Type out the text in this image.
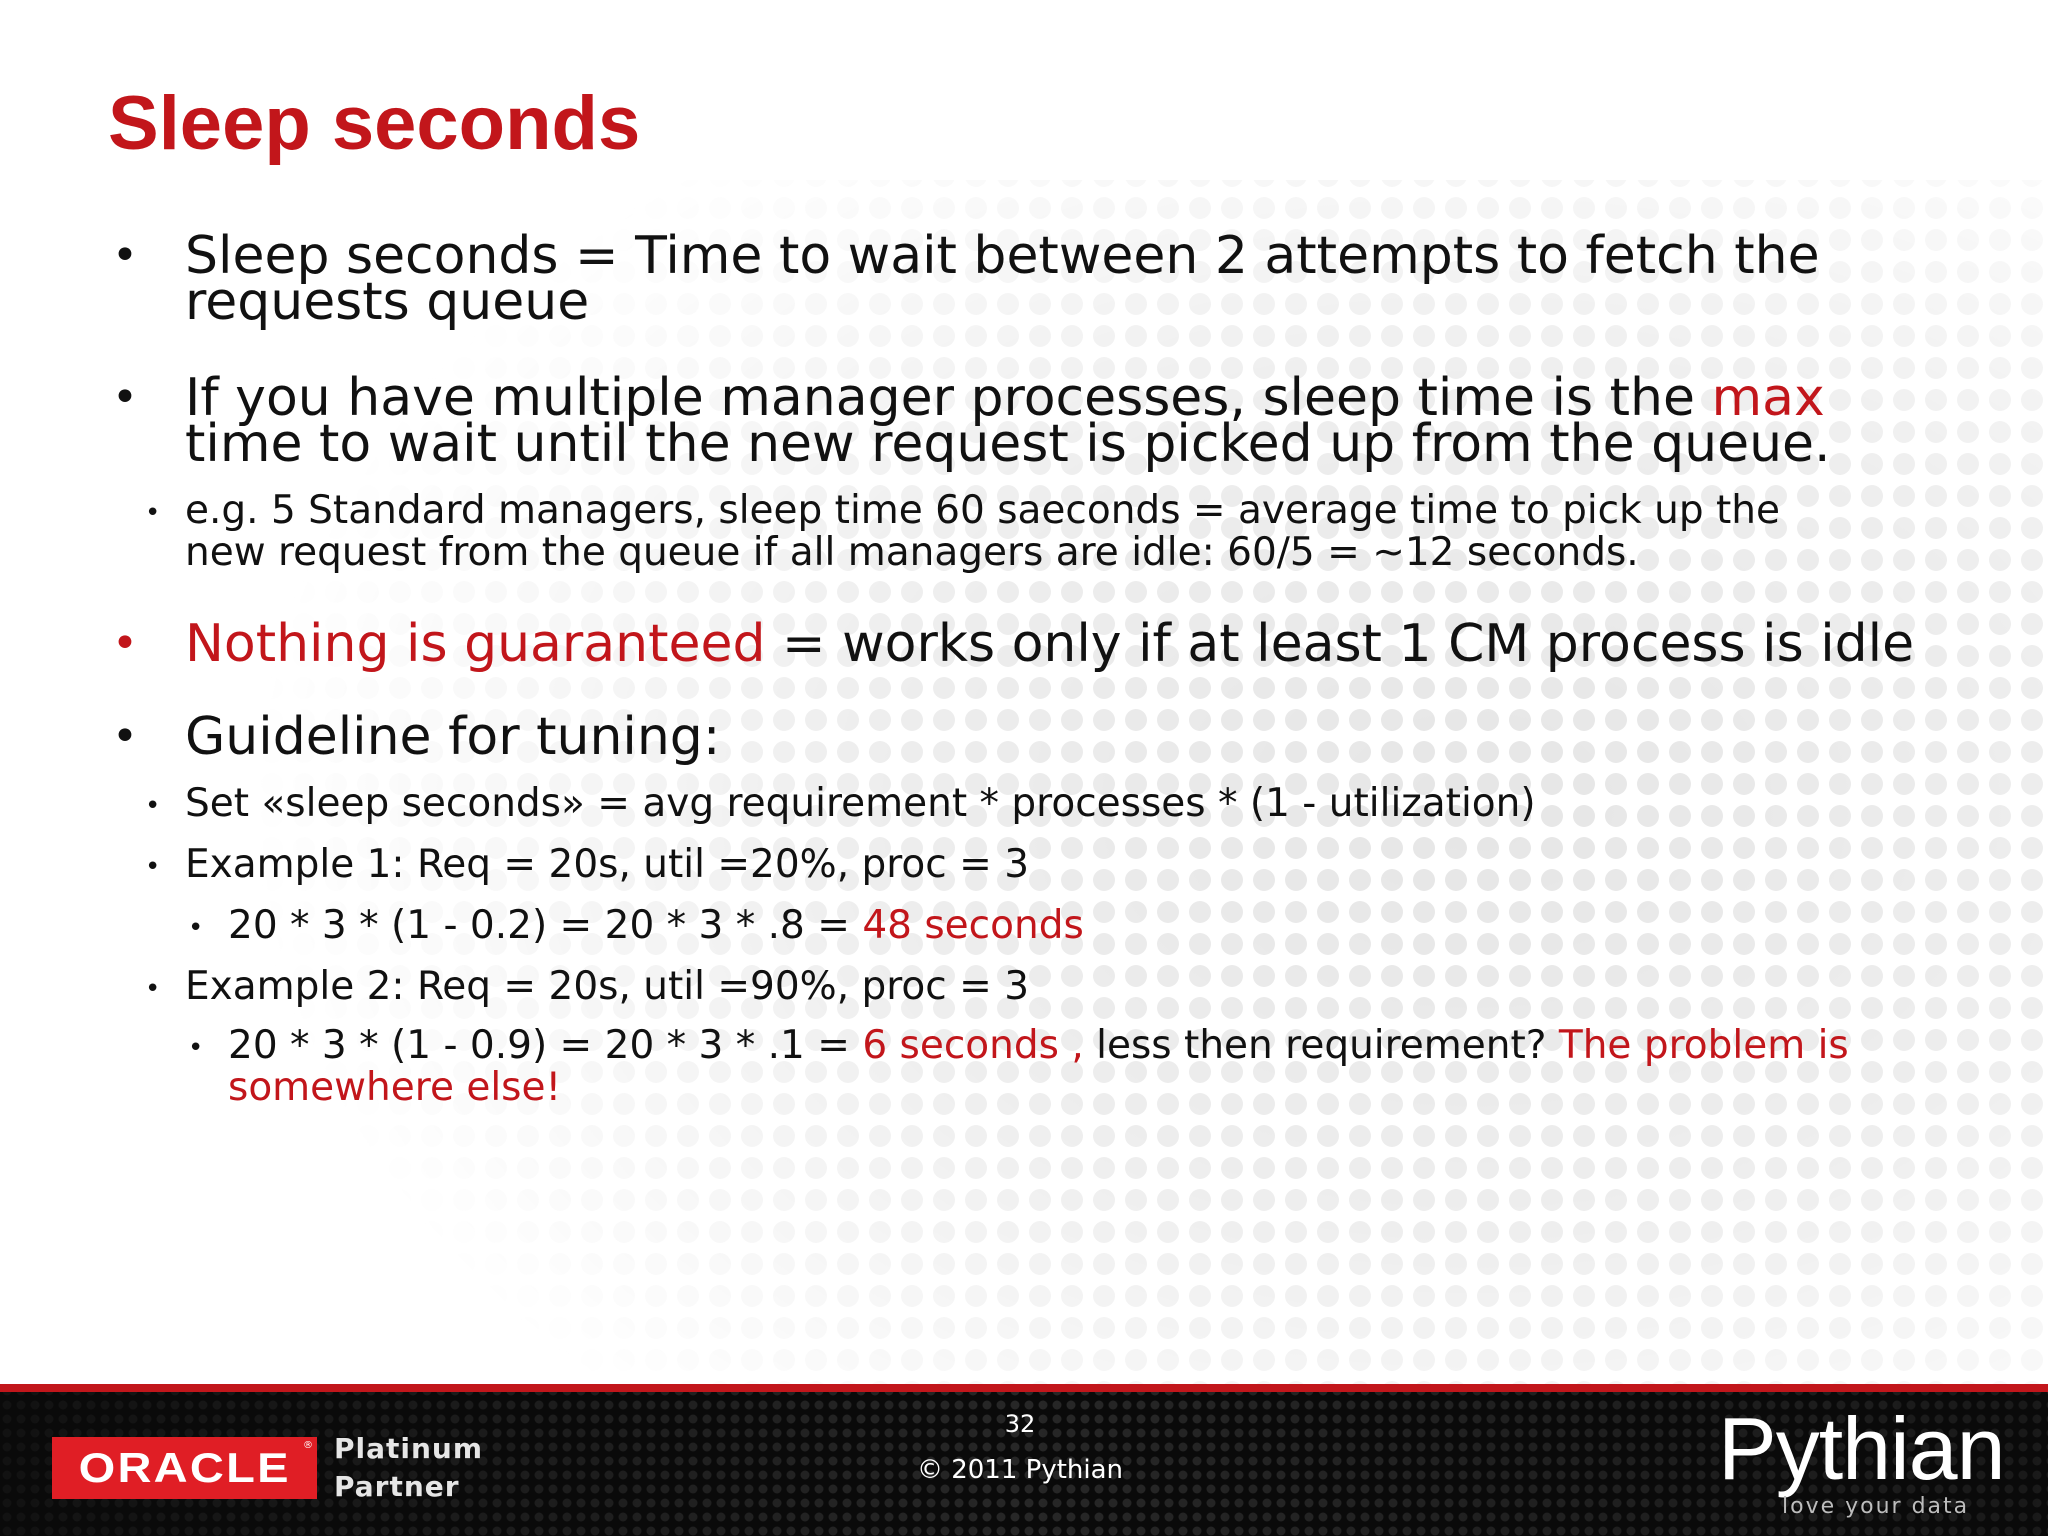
Sleep seconds
• Sleep seconds = Time to wait between 2 attempts to fetch the
requests queue
• If you have multiple manager processes, sleep time is the max
time to wait until the new request is picked up from the queue.
• e.g. 5 Standard managers, sleep time 60 saeconds = average time to pick up the
new request from the queue if all managers are idle: 60/5 = ~12 seconds.
• Nothing is guaranteed = works only if at least 1 CM process is idle
• Guideline for tuning:
• Set «sleep seconds» = avg requirement * processes * (1 - utilization)
• Example 1: Req = 20s, util =20%, proc = 3
• 20 * 3 * (1 - 0.2) = 20 * 3 * .8 = 48 seconds
• Example 2: Req = 20s, util =90%, proc = 3
• 20 * 3 * (1 - 0.9) = 20 * 3 * .1 = 6 seconds , less then requirement? The problem is
somewhere else!
ORACLE ® Platinum
Partner
32
© 2011 Pythian	Pythian
love your data
